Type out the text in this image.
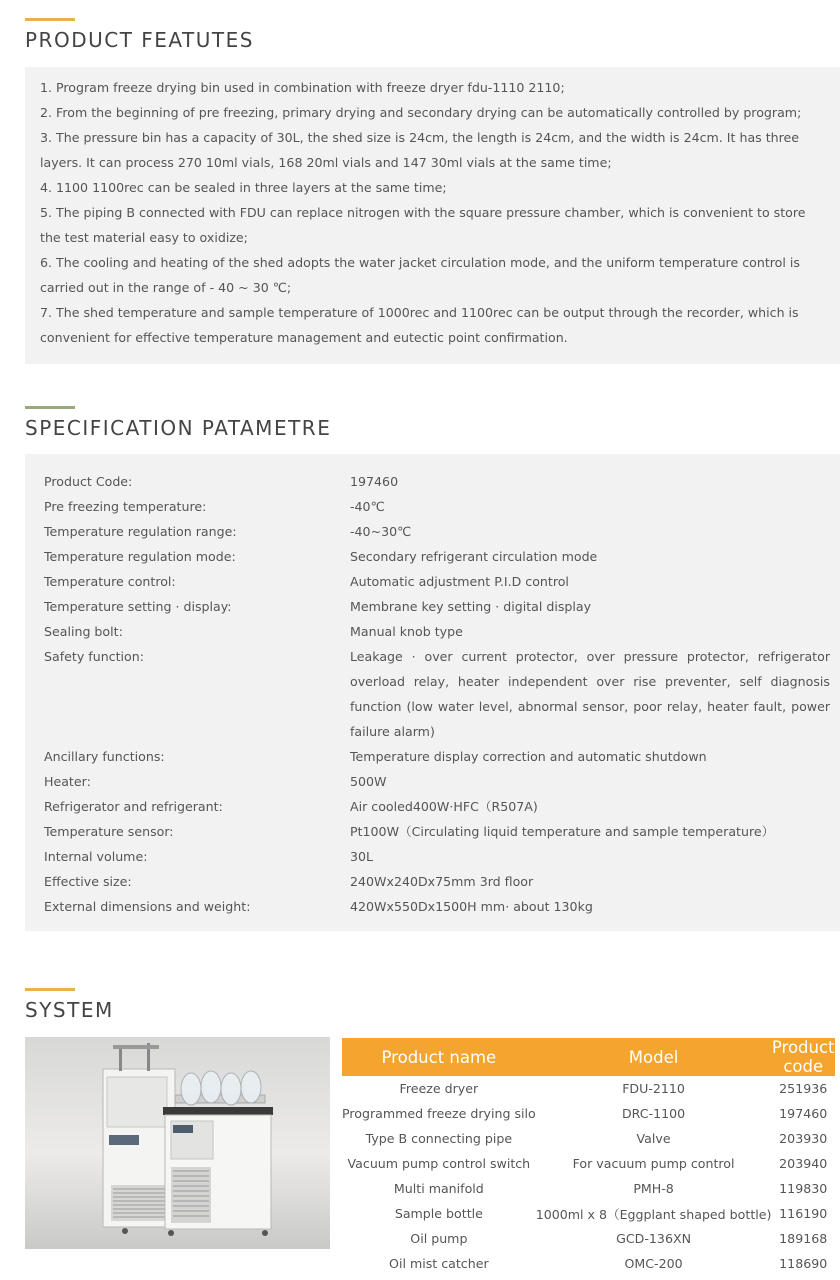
PRODUCT FEATUTES
1. Program freeze drying bin used in combination with freeze dryer fdu-1110 2110;
2. From the beginning of pre freezing, primary drying and secondary drying can be automatically controlled by program;
3. The pressure bin has a capacity of 30L, the shed size is 24cm, the length is 24cm, and the width is 24cm. It has three layers. It can process 270 10ml vials, 168 20ml vials and 147 30ml vials at the same time;
4. 1100 1100rec can be sealed in three layers at the same time;
5. The piping B connected with FDU can replace nitrogen with the square pressure chamber, which is convenient to store the test material easy to oxidize;
6. The cooling and heating of the shed adopts the water jacket circulation mode, and the uniform temperature control is carried out in the range of - 40 ~ 30 ℃;
7. The shed temperature and sample temperature of 1000rec and 1100rec can be output through the recorder, which is convenient for effective temperature management and eutectic point confirmation.
SPECIFICATION PATAMETRE
Product Code:	197460
Pre freezing temperature:	-40℃
Temperature regulation range:	-40~30℃
Temperature regulation mode:	Secondary refrigerant circulation mode
Temperature control:	Automatic adjustment P.I.D control
Temperature setting · display:	Membrane key setting · digital display
Sealing bolt:	Manual knob type
Safety function:	Leakage · over current protector, over pressure protector, refrigerator overload relay, heater independent over rise preventer, self diagnosis function (low water level, abnormal sensor, poor relay, heater fault, power failure alarm)
Ancillary functions:	Temperature display correction and automatic shutdown
Heater:	500W
Refrigerator and refrigerant:	Air cooled400W·HFC（R507A)
Temperature sensor:	Pt100W（Circulating liquid temperature and sample temperature）
Internal volume:	30L
Effective size:	240Wx240Dx75mm 3rd floor
External dimensions and weight:	420Wx550Dx1500H mm· about 130kg
SYSTEM
Product name	Model	Product code
Freeze dryer	FDU-2110	251936
Programmed freeze drying silo	DRC-1100	197460
Type B connecting pipe	Valve	203930
Vacuum pump control switch	For vacuum pump control	203940
Multi manifold	PMH-8	119830
Sample bottle	1000ml x 8（Eggplant shaped bottle)	116190
Oil pump	GCD-136XN	189168
Oil mist catcher	OMC-200	118690
